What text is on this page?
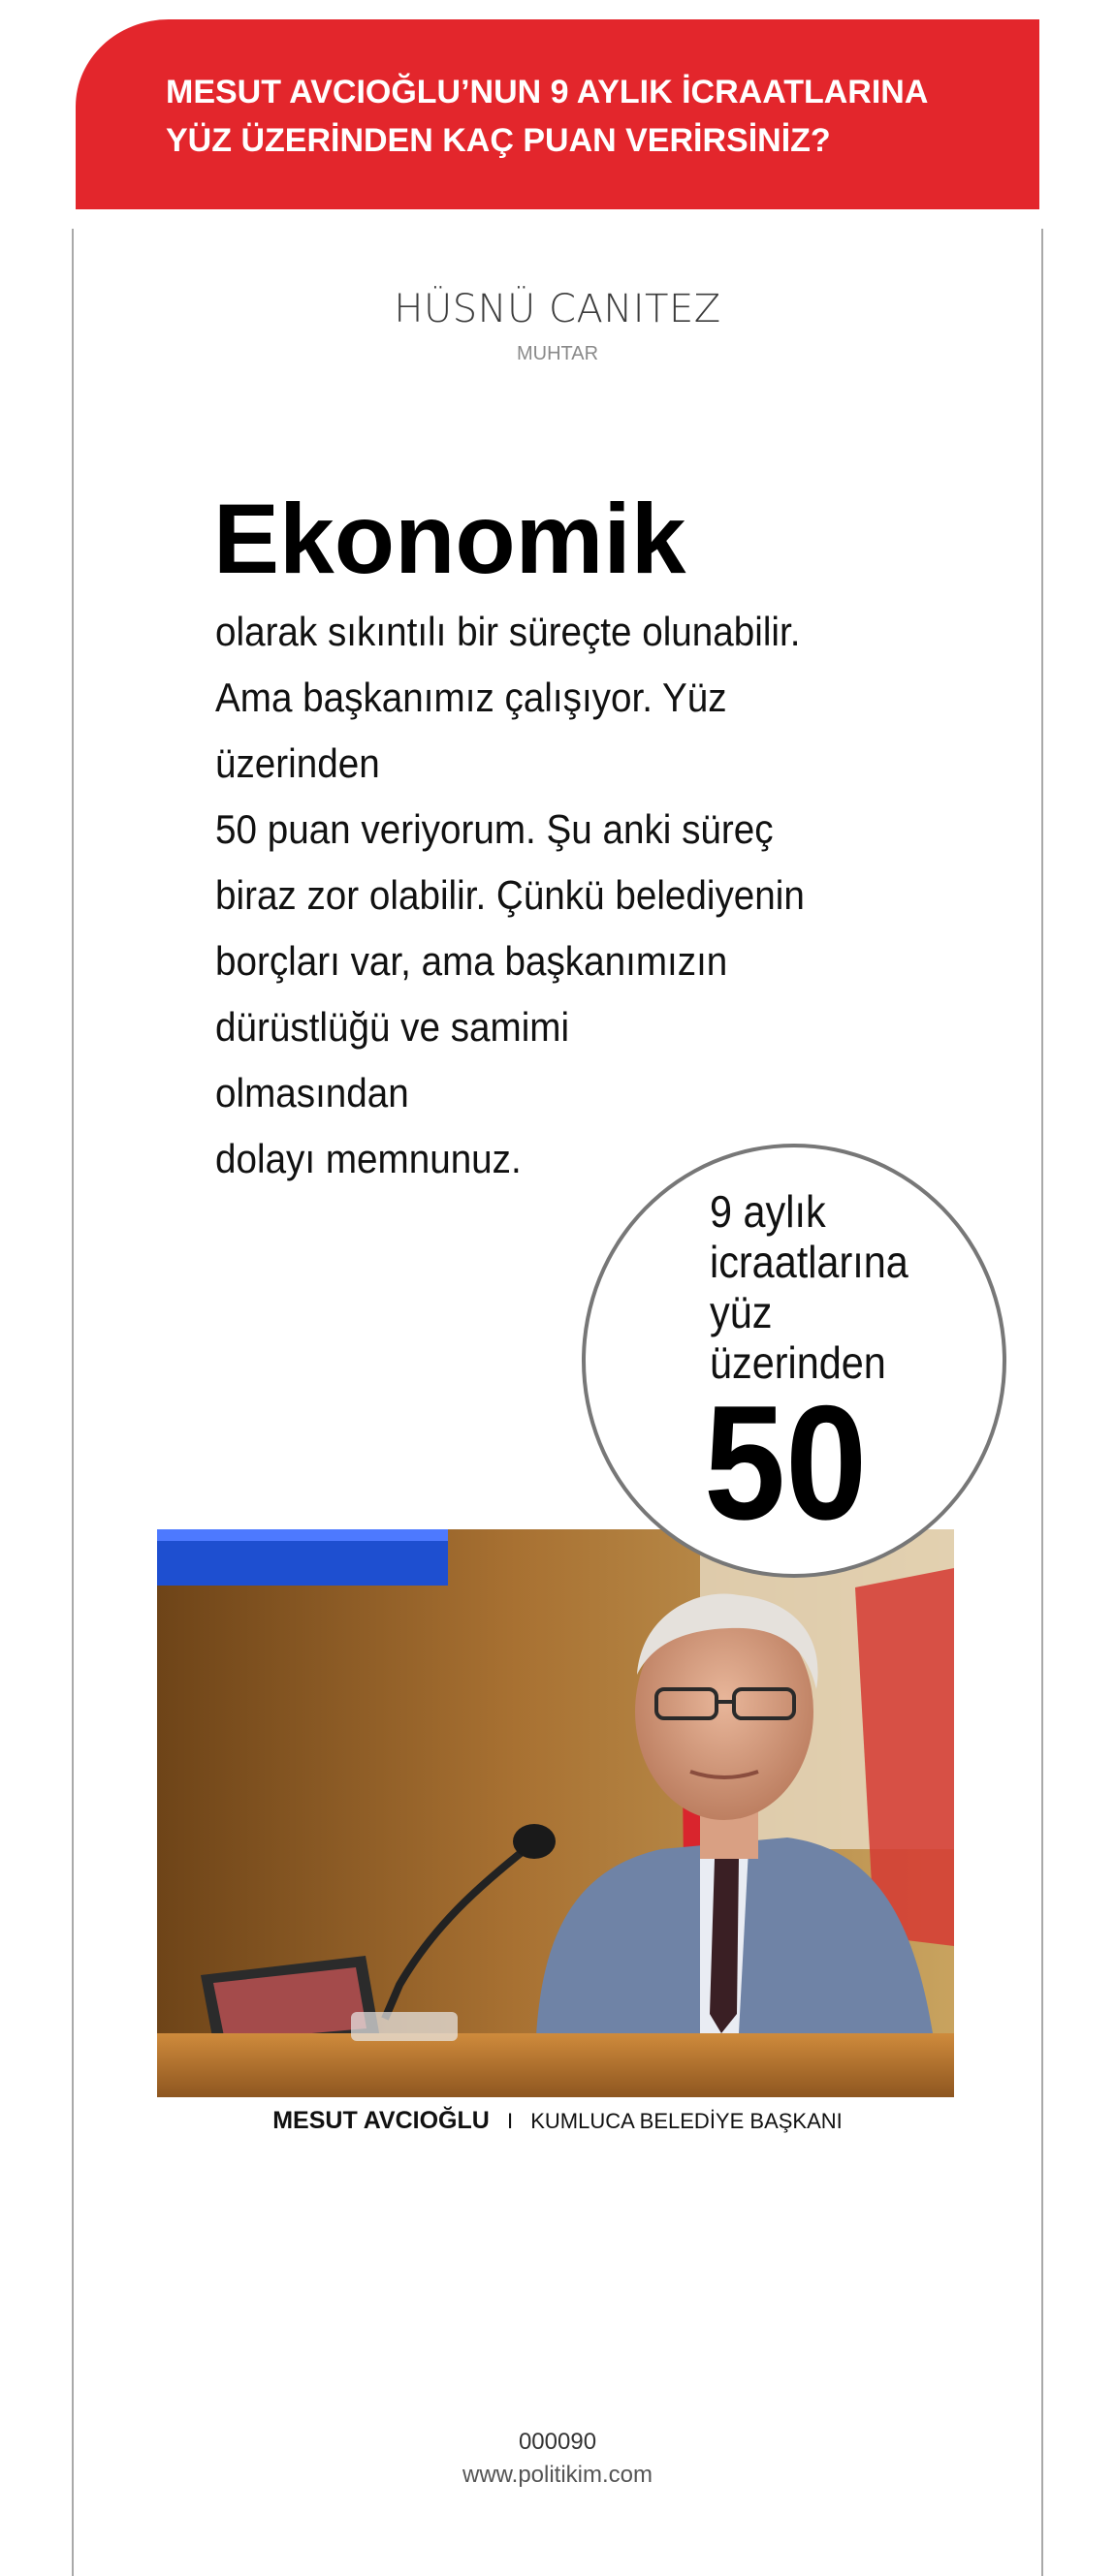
MESUT AVCIOĞLU’NUN 9 AYLIK İCRAATLARINA
YÜZ ÜZERİNDEN KAÇ PUAN VERİRSİNİZ?

HÜSNÜ CANITEZ
MUHTAR

Ekonomik

olarak sıkıntılı bir süreçte olunabilir.
Ama başkanımız çalışıyor. Yüz üzerinden
50 puan veriyorum. Şu anki süreç
biraz zor olabilir. Çünkü belediyenin
borçları var, ama başkanımızın
dürüstlüğü ve samimi
olmasından
dolayı memnunuz.

9 aylık
icraatlarına
yüz
üzerinden

50

MESUT AVCIOĞLU I KUMLUCA BELEDİYE BAŞKANI
000090
www.politikim.com
